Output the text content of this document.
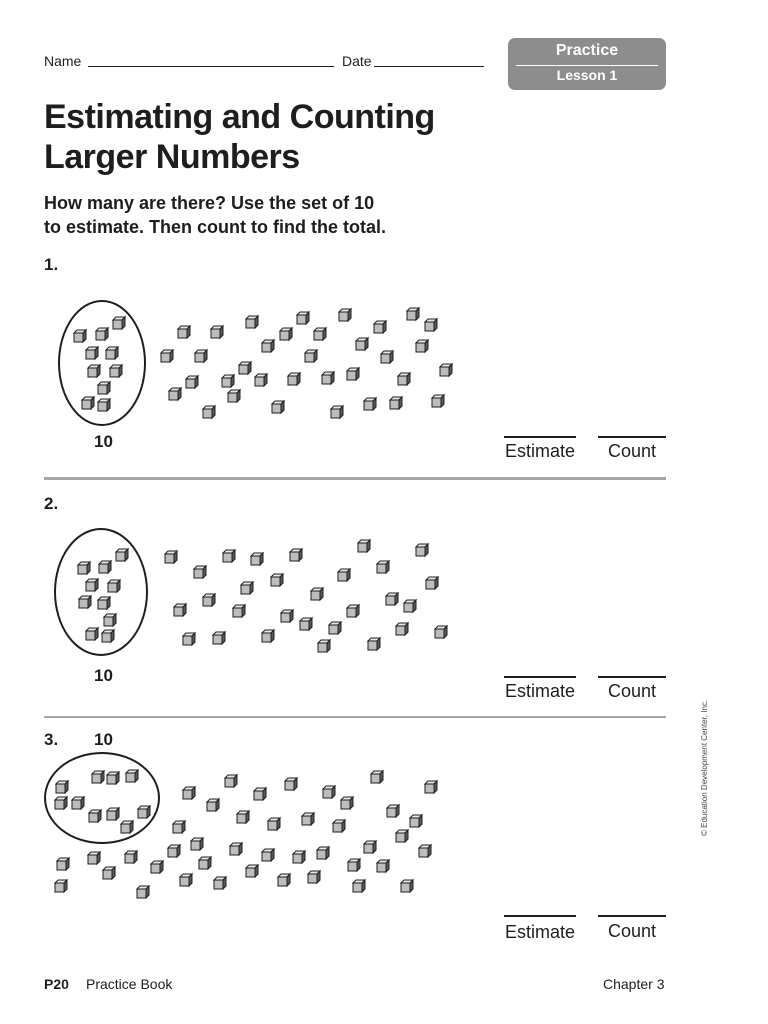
Name	Date
Practice
Lesson 1
Estimating and Counting
Larger Numbers
How many are there? Use the set of 10
to estimate. Then count to find the total.
1.
10	Estimate Count
2.
10
Estimate Count
3. 10
Estimate Count
© Education Development Center, Inc.
P20 Practice Book	Chapter 3
